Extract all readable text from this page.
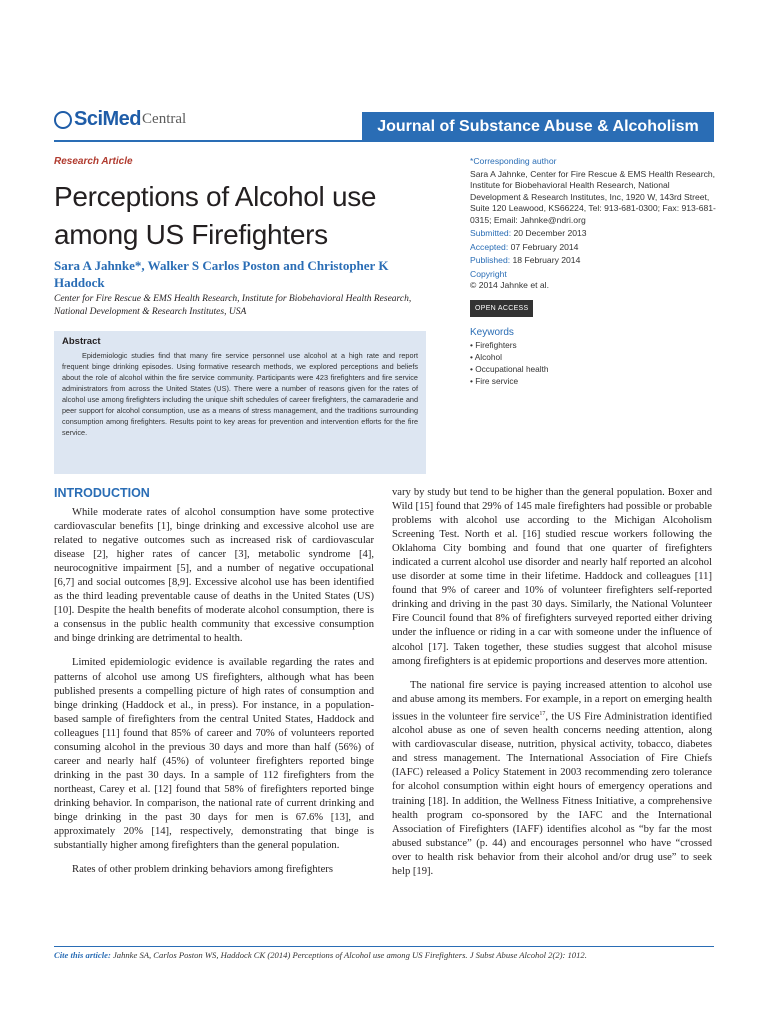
SciMed Central	Journal of Substance Abuse & Alcoholism
Research Article
Perceptions of Alcohol use among US Firefighters
Sara A Jahnke*, Walker S Carlos Poston and Christopher K Haddock
Center for Fire Rescue & EMS Health Research, Institute for Biobehavioral Health Research, National Development & Research Institutes, USA
Abstract
Epidemiologic studies find that many fire service personnel use alcohol at a high rate and report frequent binge drinking episodes. Using formative research methods, we explored perceptions and beliefs about the role of alcohol within the fire service community. Participants were 423 firefighters and fire service administrators from across the United States (US). There were a number of reasons given for the rates of alcohol use among firefighters including the unique shift schedules of career firefighters, the camaraderie and peer support for alcohol consumption, use as a means of stress management, and the traditions surrounding consumption among firefighters. Results point to key areas for prevention and intervention efforts for the fire service.
*Corresponding author
Sara A Jahnke, Center for Fire Rescue & EMS Health Research, Institute for Biobehavioral Health Research, National Development & Research Institutes, Inc, 1920 W, 143rd Street, Suite 120 Leawood, KS66224, Tel: 913-681-0300; Fax: 913-681-0315; Email: Jahnke@ndri.org
Submitted: 20 December 2013
Accepted: 07 February 2014
Published: 18 February 2014
Copyright
© 2014 Jahnke et al.
OPEN ACCESS
Keywords
• Firefighters
• Alcohol
• Occupational health
• Fire service
INTRODUCTION

While moderate rates of alcohol consumption have some protective cardiovascular benefits [1], binge drinking and excessive alcohol use are related to negative outcomes such as increased risk of cardiovascular disease [2], higher rates of cancer [3], metabolic syndrome [4], neurocognitive impairment [5], and a number of negative occupational [6,7] and social outcomes [8,9]. Excessive alcohol use has been identified as the third leading preventable cause of deaths in the United States (US) [10]. Despite the health benefits of moderate alcohol consumption, there is a consensus in the public health community that excessive consumption and binge drinking are detrimental to health.

Limited epidemiologic evidence is available regarding the rates and patterns of alcohol use among US firefighters, although what has been published presents a compelling picture of high rates of consumption and binge drinking (Haddock et al., in press). For instance, in a population-based sample of firefighters from the central United States, Haddock and colleagues [11] found that 85% of career and 70% of volunteers reported consuming alcohol in the previous 30 days and more than half (56%) of career and nearly half (45%) of volunteer firefighters reported binge drinking in the past 30 days. In a sample of 112 firefighters from the northeast, Carey et al. [12] found that 58% of firefighters reported binge drinking behavior. In comparison, the national rate of current drinking and binge drinking in the past 30 days for men is 67.6% [13], and approximately 20% [14], respectively, demonstrating that binge is substantially higher among firefighters than the general population.

Rates of other problem drinking behaviors among firefighters

vary by study but tend to be higher than the general population. Boxer and Wild [15] found that 29% of 145 male firefighters had possible or probable problems with alcohol use according to the Michigan Alcoholism Screening Test. North et al. [16] studied rescue workers following the Oklahoma City bombing and found that one quarter of firefighters indicated a current alcohol use disorder and nearly half reported an alcohol use disorder at some time in their lifetime. Haddock and colleagues [11] found that 9% of career and 10% of volunteer firefighters self-reported drinking and driving in the past 30 days. Similarly, the National Volunteer Fire Council found that 8% of firefighters surveyed reported either driving under the influence or riding in a car with someone under the influence of alcohol [17]. Taken together, these studies suggest that alcohol misuse among firefighters is at epidemic proportions and deserves more attention.

The national fire service is paying increased attention to alcohol use and abuse among its members. For example, in a report on emerging health issues in the volunteer fire service$^{17}$, the US Fire Administration identified alcohol abuse as one of seven health concerns needing attention, along with cardiovascular disease, nutrition, physical activity, tobacco, diabetes and stress management. The International Association of Fire Chiefs (IAFC) released a Policy Statement in 2003 recommending zero tolerance for alcohol consumption within eight hours of emergency operations and training [18]. In addition, the Wellness Fitness Initiative, a comprehensive health program co-sponsored by the IAFC and the International Association of Firefighters (IAFF) identifies alcohol as “by far the most abused substance” (p. 44) and encourages personnel who have “crossed over to health risk behavior from their alcohol and/or drug use” to seek help [19].

Cite this article: Jahnke SA, Carlos Poston WS, Haddock CK (2014) Perceptions of Alcohol use among US Firefighters. J Subst Abuse Alcohol 2(2): 1012.
